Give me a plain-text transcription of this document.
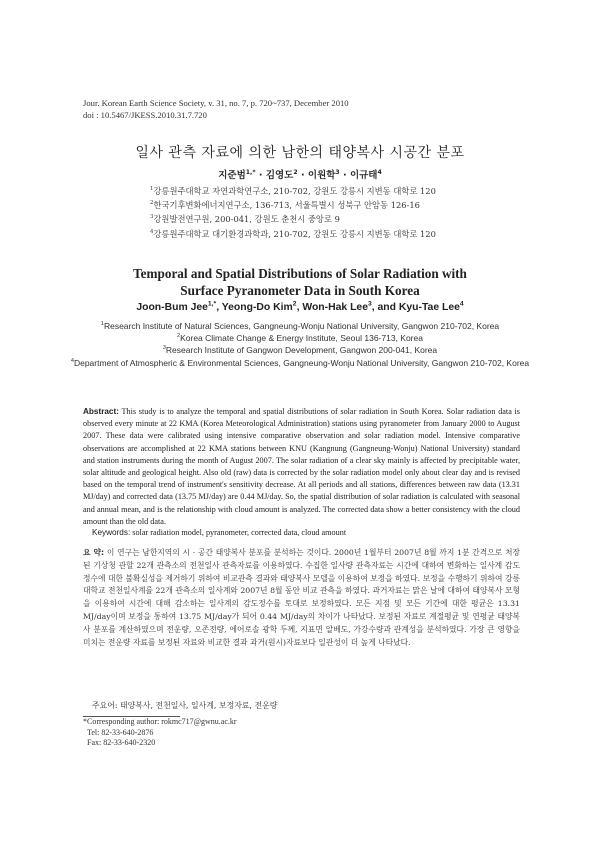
Jour. Korean Earth Science Society, v. 31, no. 7, p. 720~737, December 2010
doi : 10.5467/JKESS.2010.31.7.720
일사 관측 자료에 의한 남한의 태양복사 시공간 분포
지준범$^{1,*}$ · 김영도$^2$ · 이원학$^3$ · 이규태$^4$
$^1$강릉원주대학교 자연과학연구소, 210-702, 강원도 강릉시 지변동 대학로 120
$^2$한국기후변화에너지연구소, 136-713, 서울특별시 성북구 안암동 126-16
$^3$강원발전연구원, 200-041, 강원도 춘천시 중앙로 9
$^4$강릉원주대학교 대기환경과학과, 210-702, 강원도 강릉시 지변동 대학로 120
Temporal and Spatial Distributions of Solar Radiation with
Surface Pyranometer Data in South Korea
Joon-Bum Jee$^{1,*}$, Yeong-Do Kim$^2$, Won-Hak Lee$^3$, and Kyu-Tae Lee$^4$
$^1$Research Institute of Natural Sciences, Gangneung-Wonju National University, Gangwon 210-702, Korea
$^2$Korea Climate Change & Energy Institute, Seoul 136-713, Korea
$^3$Research Institute of Gangwon Development, Gangwon 200-041, Korea
$^4$Department of Atmospheric & Environmental Sciences, Gangneung-Wonju National University, Gangwon 210-702, Korea
Abstract: This study is to analyze the temporal and spatial distributions of solar radiation in South Korea. Solar radiation data is observed every minute at 22 KMA (Korea Meteorological Administration) stations using pyranometer from January 2000 to August 2007. These data were calibrated using intensive comparative observation and solar radiation model. Intensive comparative observations are accomplished at 22 KMA stations between KNU (Kangnung (Gangneung-Wonju) National University) standard and station instruments during the month of August 2007. The solar radiation of a clear sky mainly is affected by precipitable water, solar altitude and geological height. Also old (raw) data is corrected by the solar radiation model only about clear day and is revised based on the temporal trend of instrument's sensitivity decrease. At all periods and all stations, differences between raw data (13.31 MJ/day) and corrected data (13.75 MJ/day) are 0.44 MJ/day. So, the spatial distribution of solar radiation is calculated with seasonal and annual mean, and is the relationship with cloud amount is analyzed. The corrected data show a better consistency with the cloud amount than the old data.
Keywords: solar radiation model, pyranometer, corrected data, cloud amount
요 약: 이 연구는 남한지역의 시 · 공간 태양복사 분포를 분석하는 것이다. 2000년 1월부터 2007년 8월 까지 1분 간격으로 처장된 기상청 관할 22개 관측소의 전천일사 관측자료를 이용하였다. 수집한 일사량 관측자료는 시간에 대하여 변화하는 일사계 감도정수에 대한 불확실성을 제거하기 위하여 비교관측 결과와 태양복사 모델을 이용하여 보정을 하였다. 보정을 수행하기 위하여 강릉대학교 전천일사계를 22개 관측소의 일사계와 2007년 8월 동안 비교 관측을 하였다. 과거자료는 맑은 날에 대하여 태양복사 모형을 이용하여 시간에 대해 감소하는 일사계의 감도정수를 토대로 보정하였다. 모든 지점 및 모든 기간에 대한 평균은 13.31 MJ/day이며 보정을 통하여 13.75 MJ/day가 되어 0.44 MJ/day의 차이가 나타났다. 보정된 자료로 계절평균 및 연평균 태양복사 분포를 계산하였으며 전운량, 오존전량, 에어로솔 광학 두께, 지표면 알베도, 가강수량과 관계성을 분석하였다. 가장 큰 영향을 미치는 전운량 자료를 보정된 자료와 비교한 결과 과거(원시)자료보다 일관성이 더 높게 나타났다.
주요어: 태양복사, 전천일사, 일사계, 보정자료, 전운량
*Corresponding author: rokmc717@gwnu.ac.kr
Tel: 82-33-640-2876
Fax: 82-33-640-2320
